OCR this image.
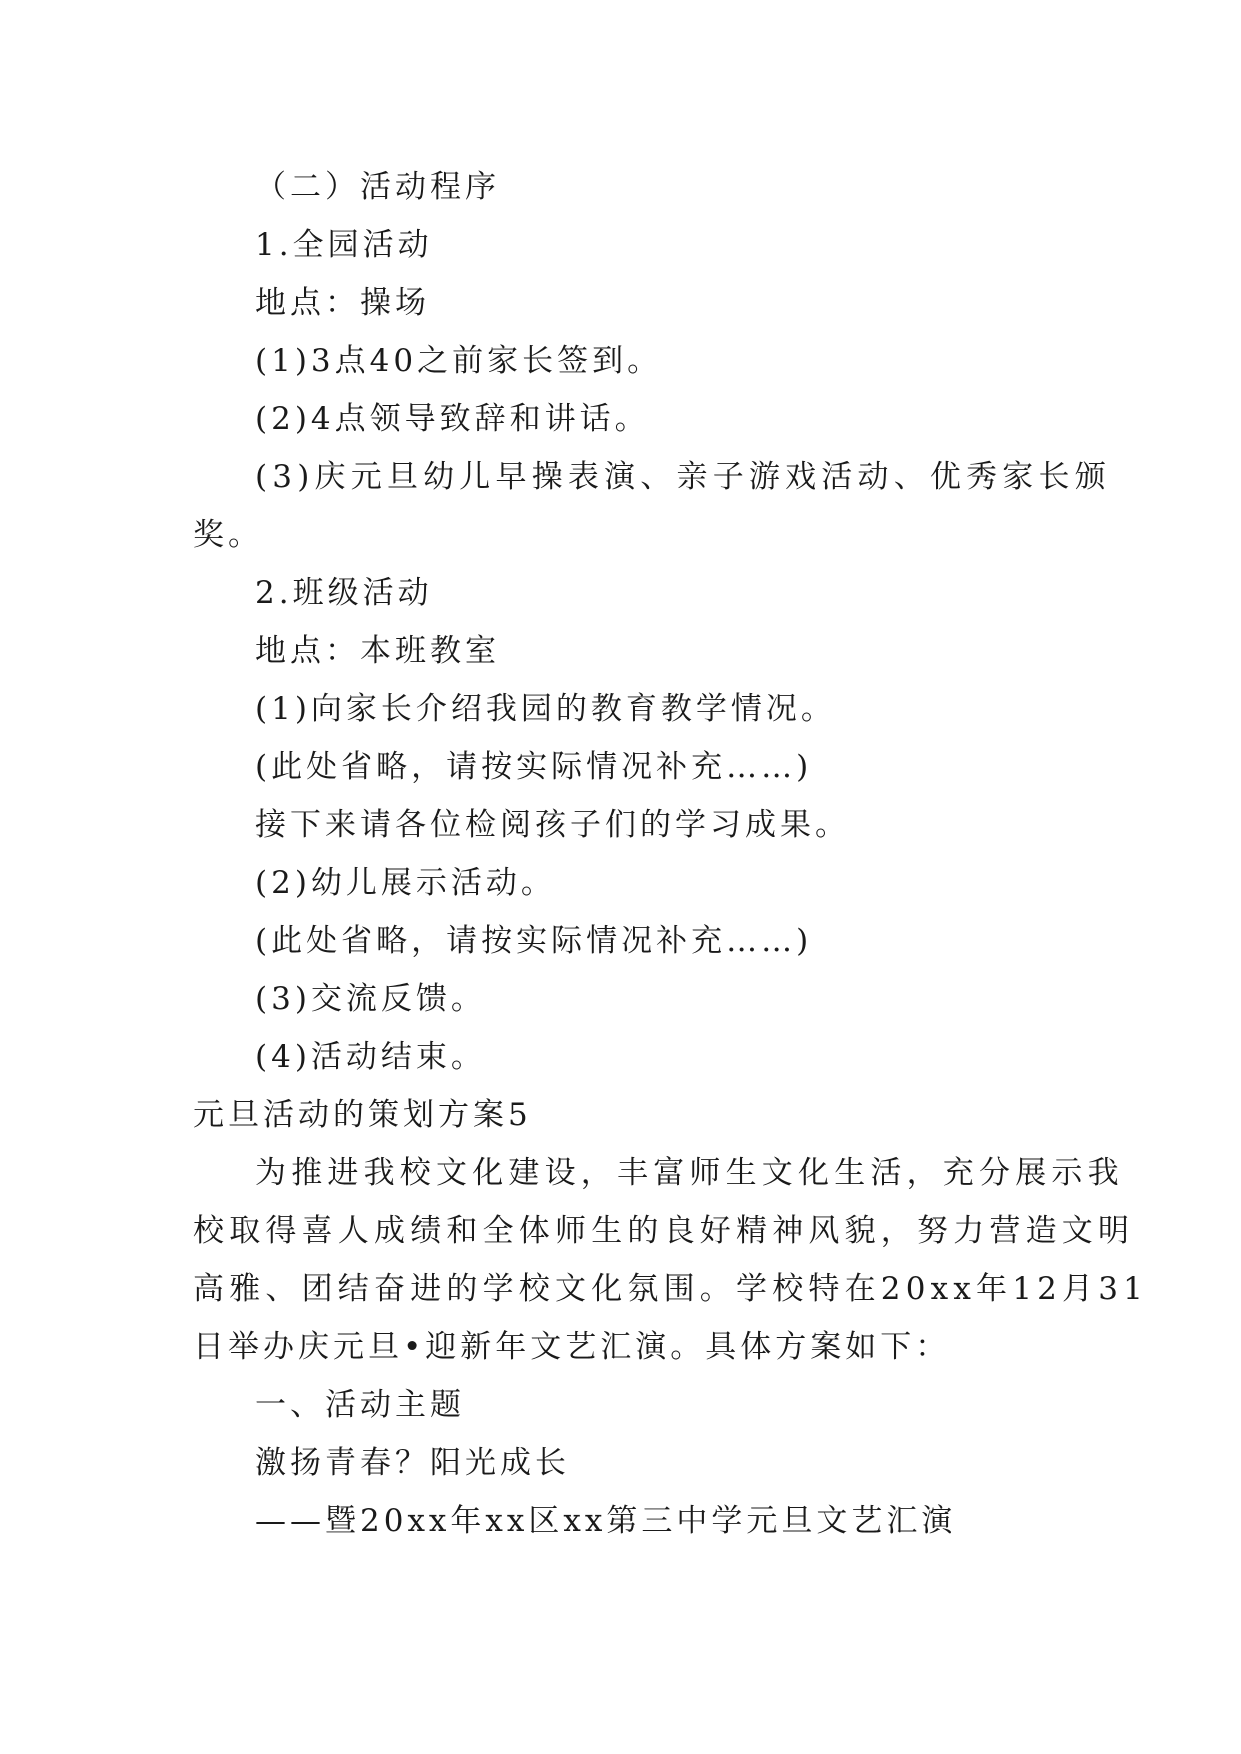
（二）活动程序
1.全园活动
地点：操场
(1)3点40之前家长签到。
(2)4点领导致辞和讲话。
(3)庆元旦幼儿早操表演、亲子游戏活动、优秀家长颁
奖。
2.班级活动
地点：本班教室
(1)向家长介绍我园的教育教学情况。
(此处省略，请按实际情况补充……)
接下来请各位检阅孩子们的学习成果。
(2)幼儿展示活动。
(此处省略，请按实际情况补充……)
(3)交流反馈。
(4)活动结束。
元旦活动的策划方案5
为推进我校文化建设，丰富师生文化生活，充分展示我
校取得喜人成绩和全体师生的良好精神风貌，努力营造文明
高雅、团结奋进的学校文化氛围。学校特在20xx年12月31
日举办庆元旦•迎新年文艺汇演。具体方案如下：
一、活动主题
激扬青春？阳光成长
——暨20xx年xx区xx第三中学元旦文艺汇演
